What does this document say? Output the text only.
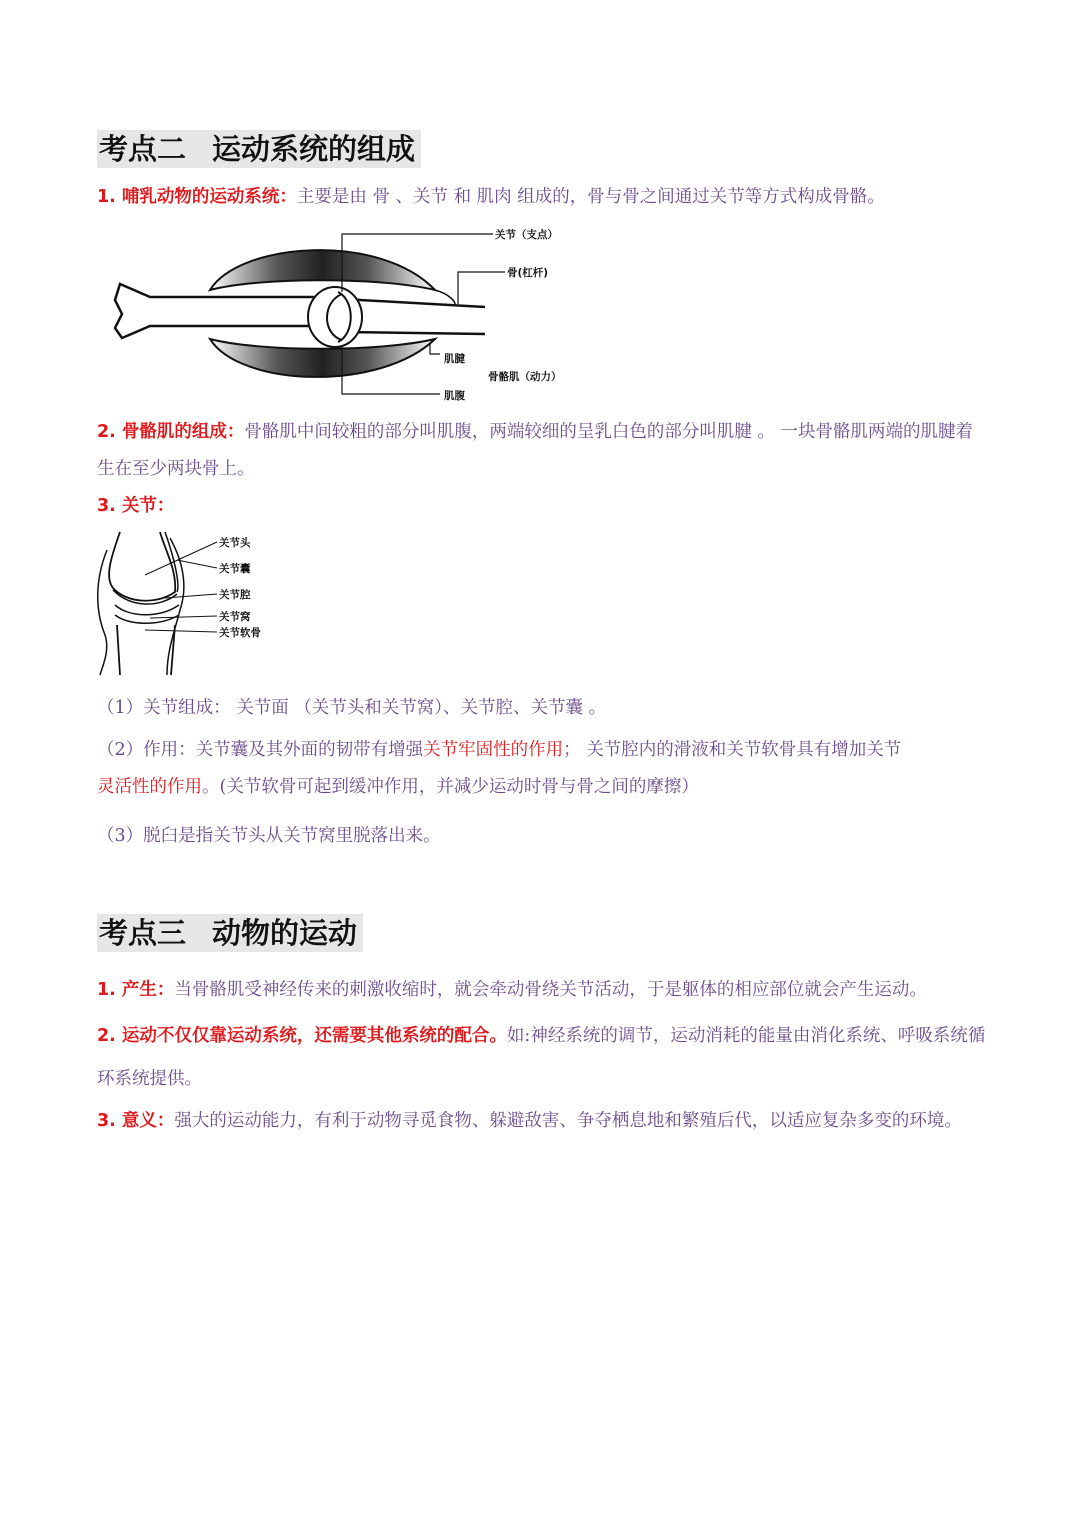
考点二 运动系统的组成
1. 哺乳动物的运动系统：主要是由 骨 、关节 和 肌肉 组成的，骨与骨之间通过关节等方式构成骨骼。
关节（支点）
骨(杠杆)
肌腱
骨骼肌（动力）
肌腹
2. 骨骼肌的组成：骨骼肌中间较粗的部分叫肌腹，两端较细的呈乳白色的部分叫肌腱 。 一块骨骼肌两端的肌腱着生在至少两块骨上。
3. 关节：
关节头
关节囊
关节腔
关节窝
关节软骨
（1）关节组成： 关节面 （关节头和关节窝）、关节腔、关节囊 。
（2）作用：关节囊及其外面的韧带有增强关节牢固性的作用； 关节腔内的滑液和关节软骨具有增加关节
灵活性的作用。(关节软骨可起到缓冲作用，并减少运动时骨与骨之间的摩擦）
（3）脱臼是指关节头从关节窝里脱落出来。
考点三 动物的运动
1. 产生：当骨骼肌受神经传来的刺激收缩时，就会牵动骨绕关节活动，于是躯体的相应部位就会产生运动。
2. 运动不仅仅靠运动系统，还需要其他系统的配合。如:神经系统的调节，运动消耗的能量由消化系统、呼吸系统循环系统提供。
3. 意义：强大的运动能力，有利于动物寻觅食物、躲避敌害、争夺栖息地和繁殖后代，以适应复杂多变的环境。
